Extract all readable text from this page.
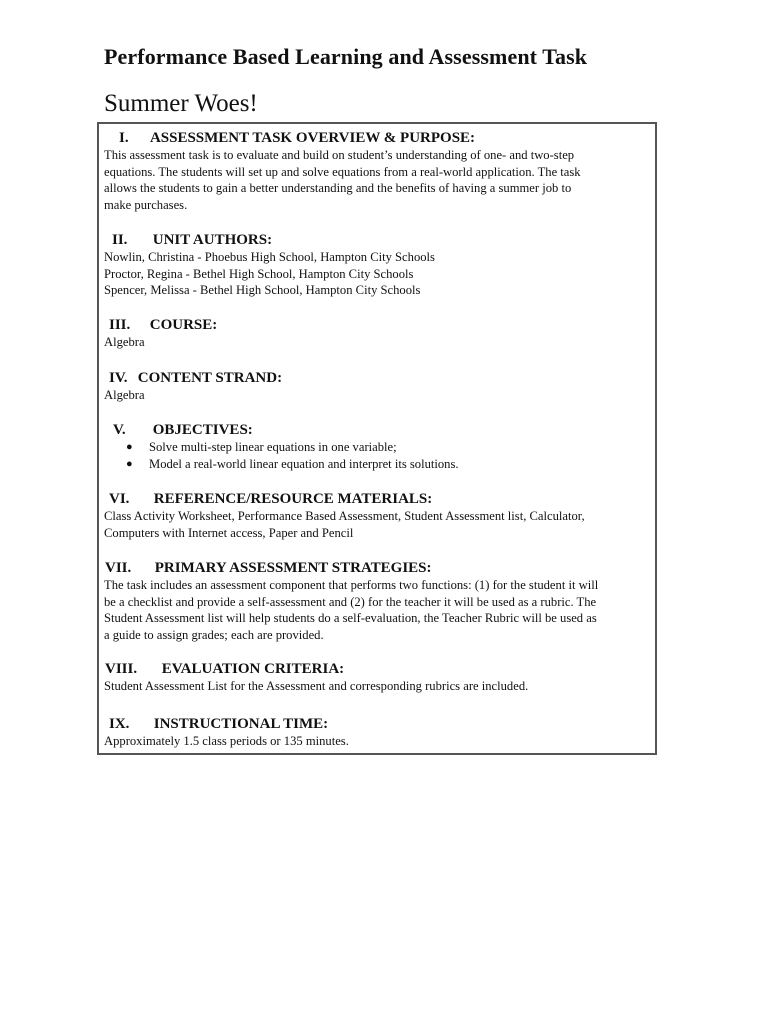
Performance Based Learning and Assessment Task
Summer Woes!
I. ASSESSMENT TASK OVERVIEW & PURPOSE:
This assessment task is to evaluate and build on student’s understanding of one- and two-step
equations. The students will set up and solve equations from a real-world application. The task
allows the students to gain a better understanding and the benefits of having a summer job to
make purchases.
II. UNIT AUTHORS:
Nowlin, Christina - Phoebus High School, Hampton City Schools
Proctor, Regina - Bethel High School, Hampton City Schools
Spencer, Melissa - Bethel High School, Hampton City Schools
III. COURSE:
Algebra
IV. CONTENT STRAND:
Algebra
V. OBJECTIVES:
● Solve multi-step linear equations in one variable;
● Model a real-world linear equation and interpret its solutions.
VI. REFERENCE/RESOURCE MATERIALS:
Class Activity Worksheet, Performance Based Assessment, Student Assessment list, Calculator,
Computers with Internet access, Paper and Pencil
VII. PRIMARY ASSESSMENT STRATEGIES:
The task includes an assessment component that performs two functions: (1) for the student it will
be a checklist and provide a self-assessment and (2) for the teacher it will be used as a rubric. The
Student Assessment list will help students do a self-evaluation, the Teacher Rubric will be used as
a guide to assign grades; each are provided.
VIII. EVALUATION CRITERIA:
Student Assessment List for the Assessment and corresponding rubrics are included.
IX. INSTRUCTIONAL TIME:
Approximately 1.5 class periods or 135 minutes.
